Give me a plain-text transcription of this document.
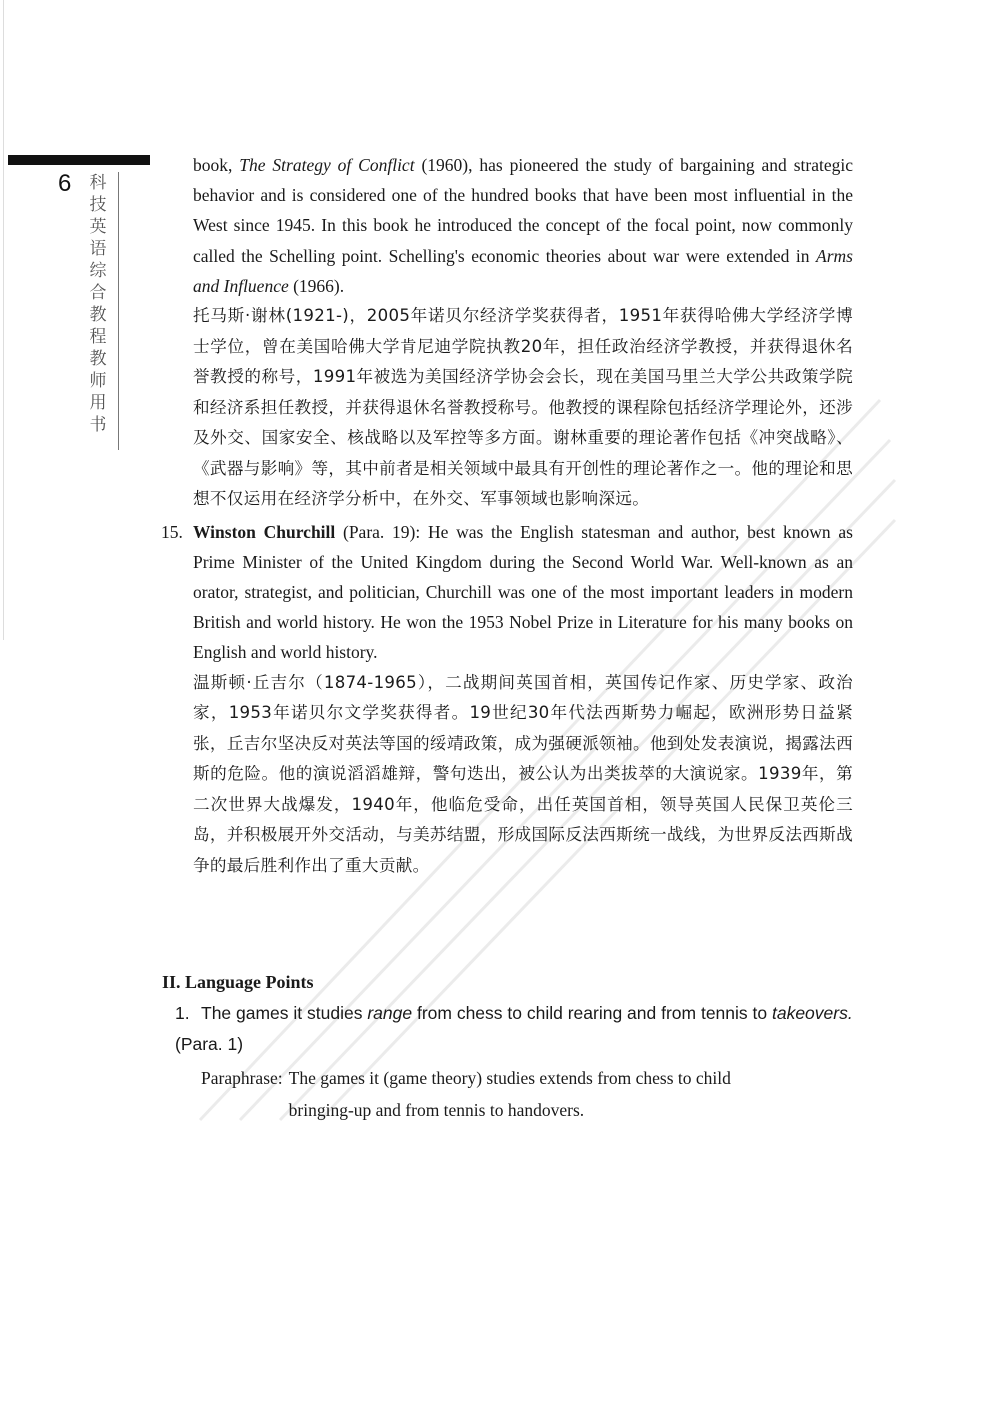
6 科技英语综合教程教师用书
book, The Strategy of Conflict (1960), has pioneered the study of bargaining and strategic behavior and is considered one of the hundred books that have been most influential in the West since 1945. In this book he introduced the concept of the focal point, now commonly called the Schelling point. Schelling's economic theories about war were extended in Arms and Influence (1966).
托马斯·谢林(1921-)，2005年诺贝尔经济学奖获得者，1951年获得哈佛大学经济学博士学位，曾在美国哈佛大学肯尼迪学院执教20年，担任政治经济学教授，并获得退休名誉教授的称号，1991年被选为美国经济学协会会长，现在美国马里兰大学公共政策学院和经济系担任教授，并获得退休名誉教授称号。他教授的课程除包括经济学理论外，还涉及外交、国家安全、核战略以及军控等多方面。谢林重要的理论著作包括《冲突战略》、《武器与影响》等，其中前者是相关领域中最具有开创性的理论著作之一。他的理论和思想不仅运用在经济学分析中，在外交、军事领域也影响深远。
15. Winston Churchill (Para. 19): He was the English statesman and author, best known as Prime Minister of the United Kingdom during the Second World War. Well-known as an orator, strategist, and politician, Churchill was one of the most important leaders in modern British and world history. He won the 1953 Nobel Prize in Literature for his many books on English and world history.
温斯顿·丘吉尔（1874-1965），二战期间英国首相，英国传记作家、历史学家、政治家，1953年诺贝尔文学奖获得者。19世纪30年代法西斯势力崛起，欧洲形势日益紧张，丘吉尔坚决反对英法等国的绥靖政策，成为强硬派领袖。他到处发表演说，揭露法西斯的危险。他的演说滔滔雄辩，警句迭出，被公认为出类拔萃的大演说家。1939年，第二次世界大战爆发，1940年，他临危受命，出任英国首相，领导英国人民保卫英伦三岛，并积极展开外交活动，与美苏结盟，形成国际反法西斯统一战线，为世界反法西斯战争的最后胜利作出了重大贡献。
II. Language Points
1. The games it studies range from chess to child rearing and from tennis to takeovers. (Para. 1)
Paraphrase: The games it (game theory) studies extends from chess to child
bringing-up and from tennis to handovers.
